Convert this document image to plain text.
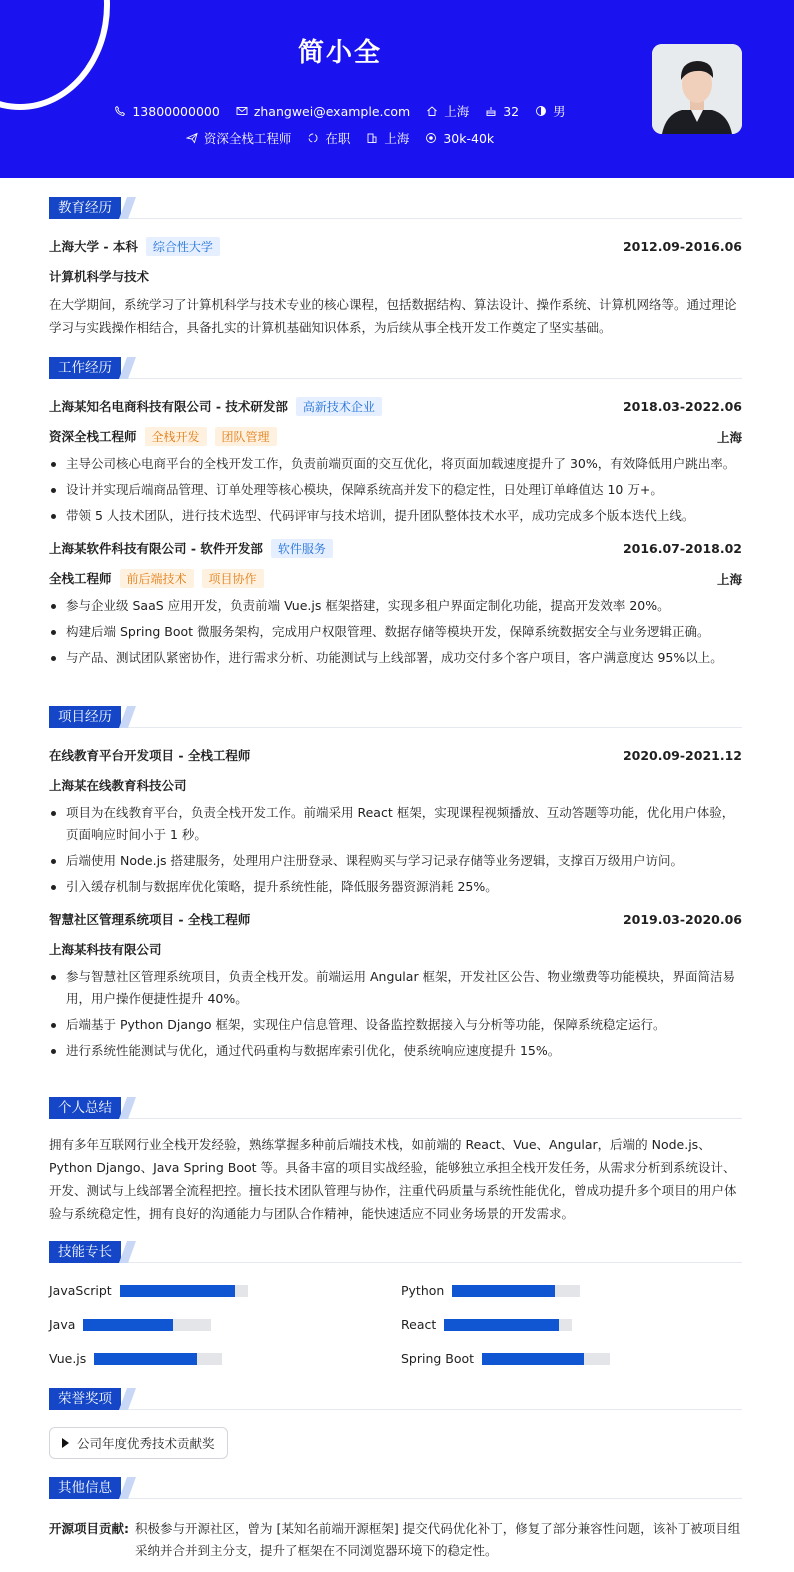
简小全
13800000000	zhangwei@example.com	上海	32	男
资深全栈工程师	在职	上海	30k-40k
教育经历
上海大学 - 本科 综合性大学	2012.09-2016.06
计算机科学与技术
在大学期间，系统学习了计算机科学与技术专业的核心课程，包括数据结构、算法设计、操作系统、计算机网络等。通过理论学习与实践操作相结合，具备扎实的计算机基础知识体系，为后续从事全栈开发工作奠定了坚实基础。
工作经历
上海某知名电商科技有限公司 - 技术研发部 高新技术企业	2018.03-2022.06
资深全栈工程师 全栈开发 团队管理	上海
主导公司核心电商平台的全栈开发工作，负责前端页面的交互优化，将页面加载速度提升了 30%，有效降低用户跳出率。
设计并实现后端商品管理、订单处理等核心模块，保障系统高并发下的稳定性，日处理订单峰值达 10 万+。
带领 5 人技术团队，进行技术选型、代码评审与技术培训，提升团队整体技术水平，成功完成多个版本迭代上线。
上海某软件科技有限公司 - 软件开发部 软件服务	2016.07-2018.02
全栈工程师 前后端技术 项目协作	上海
参与企业级 SaaS 应用开发，负责前端 Vue.js 框架搭建，实现多租户界面定制化功能，提高开发效率 20%。
构建后端 Spring Boot 微服务架构，完成用户权限管理、数据存储等模块开发，保障系统数据安全与业务逻辑正确。
与产品、测试团队紧密协作，进行需求分析、功能测试与上线部署，成功交付多个客户项目，客户满意度达 95%以上。
项目经历
在线教育平台开发项目 - 全栈工程师	2020.09-2021.12
上海某在线教育科技公司
项目为在线教育平台，负责全栈开发工作。前端采用 React 框架，实现课程视频播放、互动答题等功能，优化用户体验，页面响应时间小于 1 秒。
后端使用 Node.js 搭建服务，处理用户注册登录、课程购买与学习记录存储等业务逻辑，支撑百万级用户访问。
引入缓存机制与数据库优化策略，提升系统性能，降低服务器资源消耗 25%。
智慧社区管理系统项目 - 全栈工程师	2019.03-2020.06
上海某科技有限公司
参与智慧社区管理系统项目，负责全栈开发。前端运用 Angular 框架，开发社区公告、物业缴费等功能模块，界面简洁易用，用户操作便捷性提升 40%。
后端基于 Python Django 框架，实现住户信息管理、设备监控数据接入与分析等功能，保障系统稳定运行。
进行系统性能测试与优化，通过代码重构与数据库索引优化，使系统响应速度提升 15%。
个人总结
拥有多年互联网行业全栈开发经验，熟练掌握多种前后端技术栈，如前端的 React、Vue、Angular，后端的 Node.js、Python Django、Java Spring Boot 等。具备丰富的项目实战经验，能够独立承担全栈开发任务，从需求分析到系统设计、开发、测试与上线部署全流程把控。擅长技术团队管理与协作，注重代码质量与系统性能优化，曾成功提升多个项目的用户体验与系统稳定性，拥有良好的沟通能力与团队合作精神，能快速适应不同业务场景的开发需求。
技能专长
JavaScript	Python
Java	React
Vue.js	Spring Boot
荣誉奖项
公司年度优秀技术贡献奖
其他信息
开源项目贡献: 积极参与开源社区，曾为 [某知名前端开源框架] 提交代码优化补丁，修复了部分兼容性问题，该补丁被项目组采纳并合并到主分支，提升了框架在不同浏览器环境下的稳定性。
